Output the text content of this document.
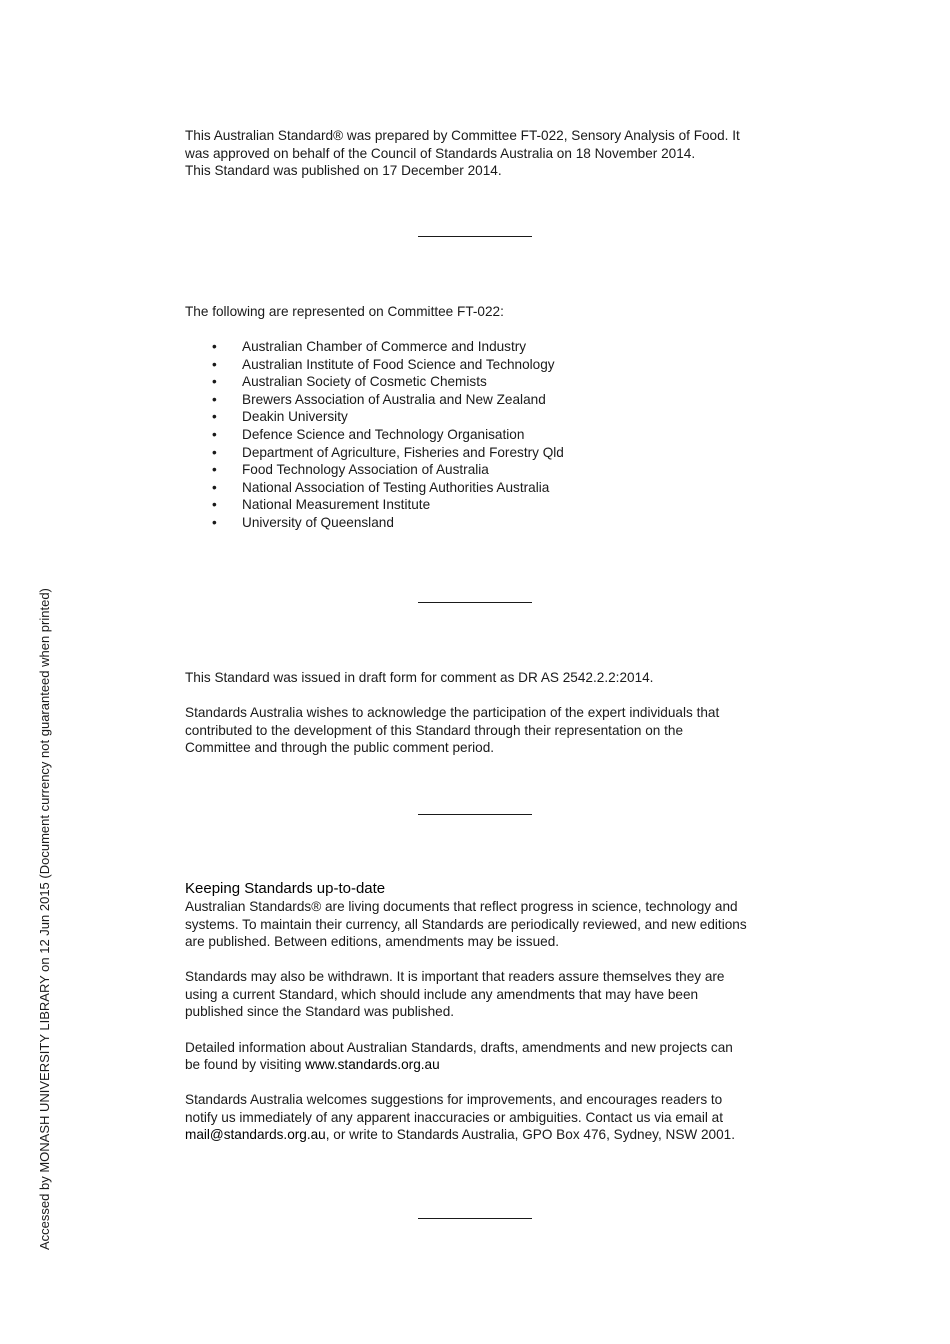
This Australian Standard® was prepared by Committee FT-022, Sensory Analysis of Food. It

was approved on behalf of the Council of Standards Australia on 18 November 2014.

This Standard was published on 17 December 2014.

The following are represented on Committee FT-022:

• Australian Chamber of Commerce and Industry
• Australian Institute of Food Science and Technology
• Australian Society of Cosmetic Chemists
• Brewers Association of Australia and New Zealand
• Deakin University
• Defence Science and Technology Organisation
• Department of Agriculture, Fisheries and Forestry Qld
• Food Technology Association of Australia
• National Association of Testing Authorities Australia
• National Measurement Institute
• University of Queensland

This Standard was issued in draft form for comment as DR AS 2542.2.2:2014.

Standards Australia wishes to acknowledge the participation of the expert individuals that

contributed to the development of this Standard through their representation on the

Committee and through the public comment period.

Keeping Standards up-to-date

Australian Standards® are living documents that reflect progress in science, technology and

systems. To maintain their currency, all Standards are periodically reviewed, and new editions

are published. Between editions, amendments may be issued.

Standards may also be withdrawn. It is important that readers assure themselves they are

using a current Standard, which should include any amendments that may have been

published since the Standard was published.

Detailed information about Australian Standards, drafts, amendments and new projects can

be found by visiting www.standards.org.au

Standards Australia welcomes suggestions for improvements, and encourages readers to

notify us immediately of any apparent inaccuracies or ambiguities. Contact us via email at

mail@standards.org.au, or write to Standards Australia, GPO Box 476, Sydney, NSW 2001.

Accessed by MONASH UNIVERSITY LIBRARY on 12 Jun 2015 (Document currency not guaranteed when printed)
